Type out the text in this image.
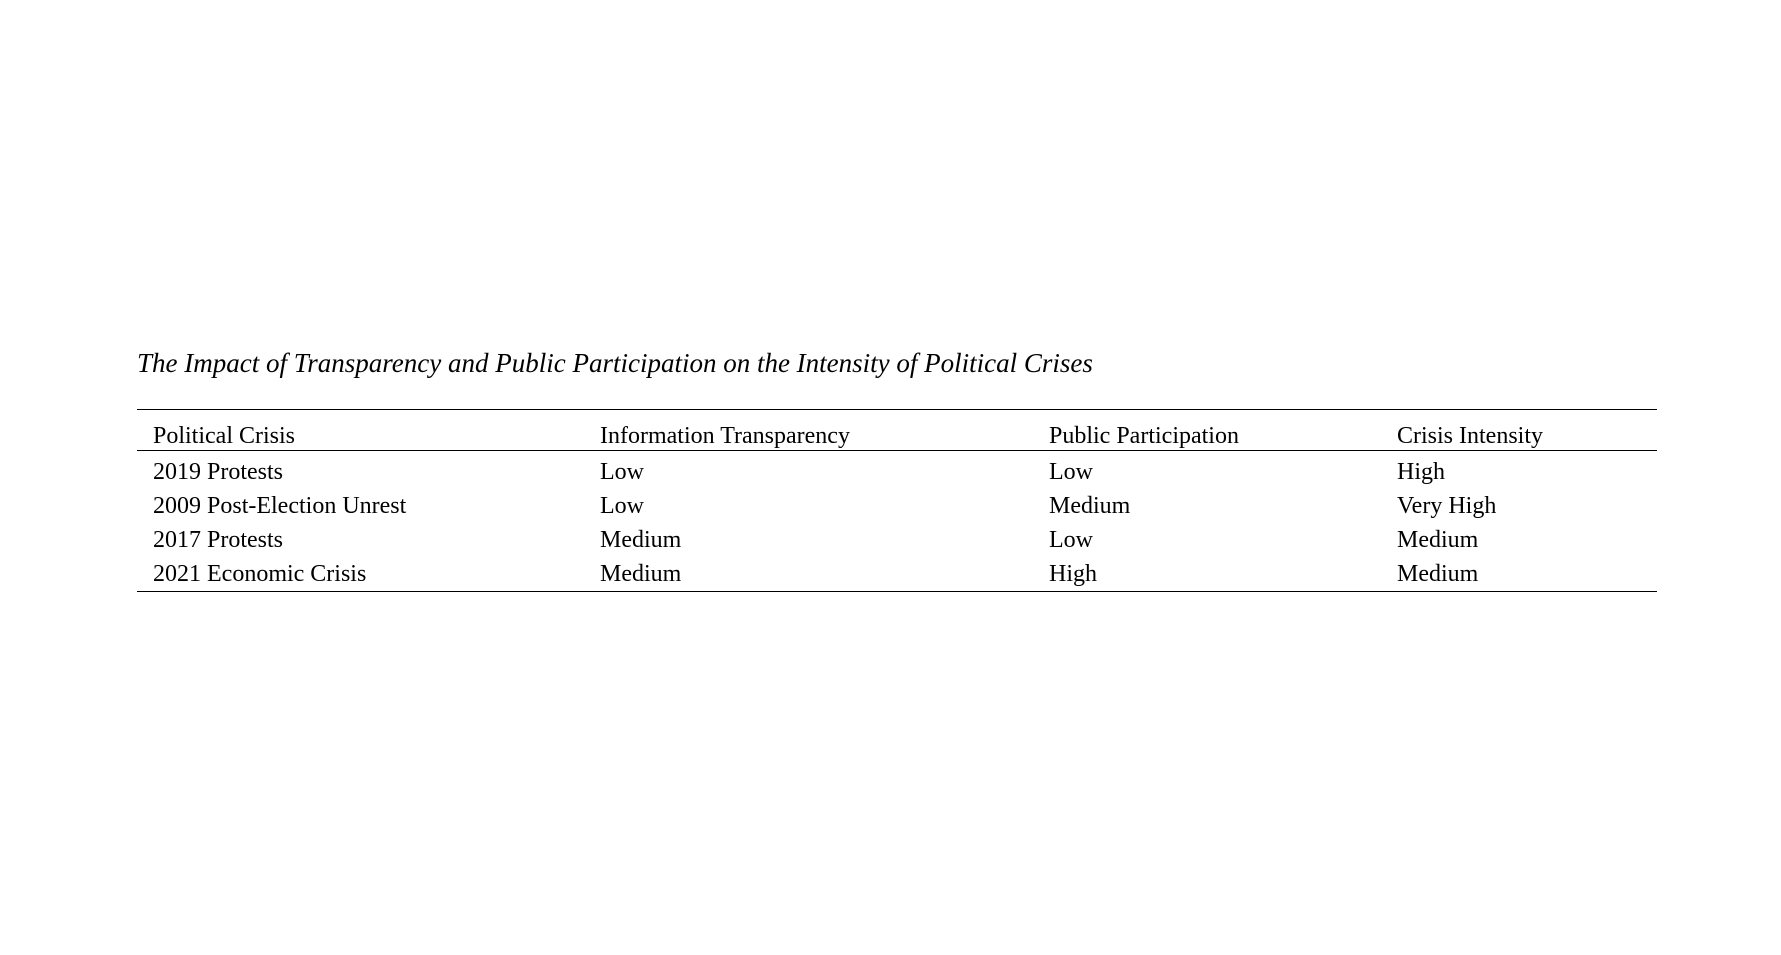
The Impact of Transparency and Public Participation on the Intensity of Political Crises
Political Crisis	Information Transparency	Public Participation	Crisis Intensity
2019 Protests	Low	Low	High
2009 Post-Election Unrest	Low	Medium	Very High
2017 Protests	Medium	Low	Medium
2021 Economic Crisis	Medium	High	Medium
